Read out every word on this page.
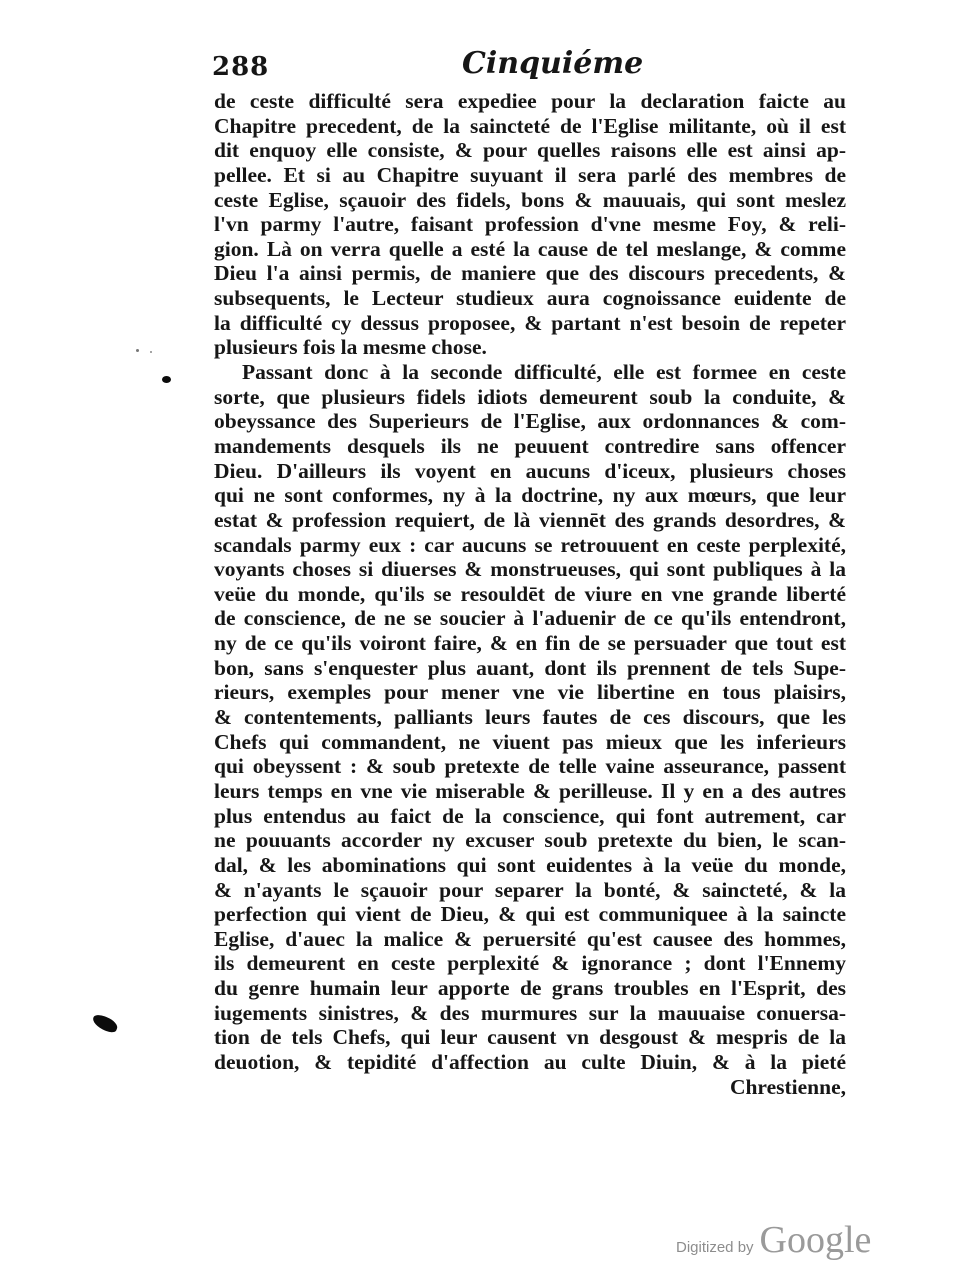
288	Cinquiéme
de ceste difficulté sera expediee pour la declaration faicte au
Chapitre precedent, de la saincteté de l'Eglise militante, où il est
dit enquoy elle consiste, & pour quelles raisons elle est ainsi ap-
pellee. Et si au Chapitre suyuant il sera parlé des membres de
ceste Eglise, sçauoir des fidels, bons & mauuais, qui sont meslez
l'vn parmy l'autre, faisant profession d'vne mesme Foy, & reli-
gion. Là on verra quelle a esté la cause de tel meslange, & comme
Dieu l'a ainsi permis, de maniere que des discours precedents, &
subsequents, le Lecteur studieux aura cognoissance euidente de
la difficulté cy dessus proposee, & partant n'est besoin de repeter
plusieurs fois la mesme chose.
Passant donc à la seconde difficulté, elle est formee en ceste
sorte, que plusieurs fidels idiots demeurent soub la conduite, &
obeyssance des Superieurs de l'Eglise, aux ordonnances & com-
mandements desquels ils ne peuuent contredire sans offencer
Dieu. D'ailleurs ils voyent en aucuns d'iceux, plusieurs choses
qui ne sont conformes, ny à la doctrine, ny aux mœurs, que leur
estat & profession requiert, de là viennēt des grands desordres, &
scandals parmy eux : car aucuns se retrouuent en ceste perplexité,
voyants choses si diuerses & monstrueuses, qui sont publiques à la
veüe du monde, qu'ils se resouldēt de viure en vne grande liberté
de conscience, de ne se soucier à l'aduenir de ce qu'ils entendront,
ny de ce qu'ils voiront faire, & en fin de se persuader que tout est
bon, sans s'enquester plus auant, dont ils prennent de tels Supe-
rieurs, exemples pour mener vne vie libertine en tous plaisirs,
& contentements, palliants leurs fautes de ces discours, que les
Chefs qui commandent, ne viuent pas mieux que les inferieurs
qui obeyssent : & soub pretexte de telle vaine asseurance, passent
leurs temps en vne vie miserable & perilleuse. Il y en a des autres
plus entendus au faict de la conscience, qui font autrement, car
ne pouuants accorder ny excuser soub pretexte du bien, le scan-
dal, & les abominations qui sont euidentes à la veüe du monde,
& n'ayants le sçauoir pour separer la bonté, & saincteté, & la
perfection qui vient de Dieu, & qui est communiquee à la saincte
Eglise, d'auec la malice & peruersité qu'est causee des hommes,
ils demeurent en ceste perplexité & ignorance ; dont l'Ennemy
du genre humain leur apporte de grans troubles en l'Esprit, des
iugements sinistres, & des murmures sur la mauuaise conuersa-
tion de tels Chefs, qui leur causent vn desgoust & mespris de la
deuotion, & tepidité d'affection au culte Diuin, & à la pieté
Chrestienne,
Digitized by Google
